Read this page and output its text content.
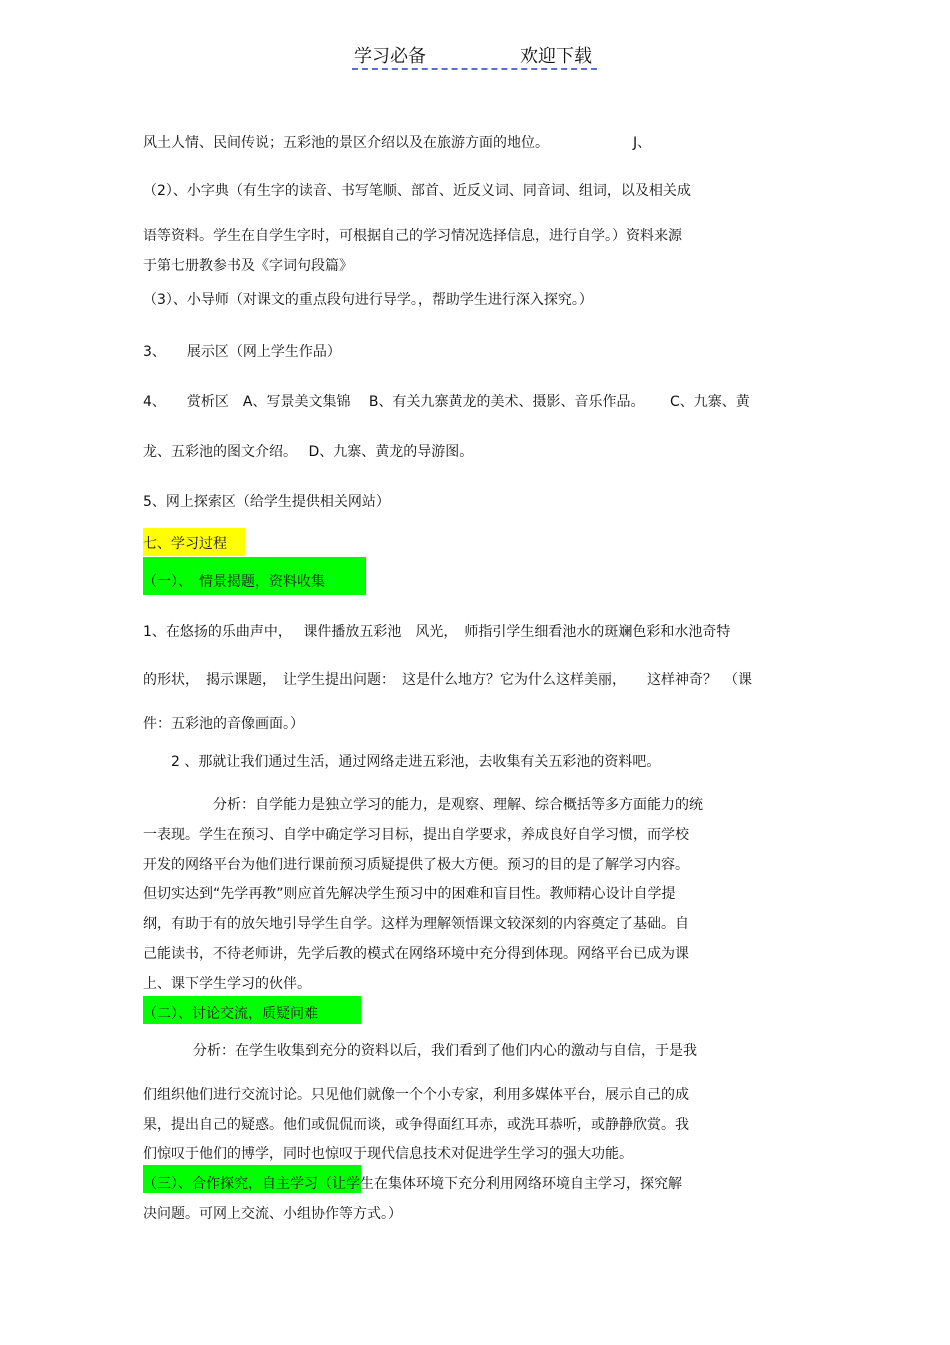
学习必备	欢迎下载
风土人情、民间传说；五彩池的景区介绍以及在旅游方面的地位。	J、
（2）、小字典（有生字的读音、书写笔顺、部首、近反义词、同音词、组词，以及相关成
语等资料。学生在自学生字时，可根据自己的学习情况选择信息，进行自学。）资料来源
于第七册教参书及《字词句段篇》
（3）、小导师（对课文的重点段句进行导学。，帮助学生进行深入探究。）
3、　　展示区（网上学生作品）
4、　　赏析区　A、写景美文集锦　 B、有关九寨黄龙的美术、摄影、音乐作品。　　 C、九寨、黄
龙、五彩池的图文介绍。　 D、九寨、黄龙的导游图。
5、网上探索区（给学生提供相关网站）
七、学习过程
（一）、　情景揭题，资料收集
1、在悠扬的乐曲声中，　 课件播放五彩池　风光，　师指引学生细看池水的斑斓色彩和水池奇特
的形状，　揭示课题，　让学生提出问题：　这是什么地方？它为什么这样美丽，　　这样神奇？　（课
件：五彩池的音像画面。）
2 、那就让我们通过生活，通过网络走进五彩池，去收集有关五彩池的资料吧。
分析：自学能力是独立学习的能力，是观察、理解、综合概括等多方面能力的统
一表现。学生在预习、自学中确定学习目标，提出自学要求，养成良好自学习惯，而学校
开发的网络平台为他们进行课前预习质疑提供了极大方便。预习的目的是了解学习内容。
但切实达到“先学再教”则应首先解决学生预习中的困难和盲目性。教师精心设计自学提
纲，有助于有的放矢地引导学生自学。这样为理解领悟课文较深刻的内容奠定了基础。自
己能读书，不待老师讲，先学后教的模式在网络环境中充分得到体现。网络平台已成为课
上、课下学生学习的伙伴。
（二）、讨论交流，质疑问难
分析：在学生收集到充分的资料以后，我们看到了他们内心的激动与自信，于是我
们组织他们进行交流讨论。只见他们就像一个个小专家，利用多媒体平台，展示自己的成
果，提出自己的疑惑。他们或侃侃而谈，或争得面红耳赤，或洗耳恭听，或静静欣赏。我
们惊叹于他们的博学，同时也惊叹于现代信息技术对促进学生学习的强大功能。
（三）、合作探究，自主学习（让学生在集体环境下充分利用网络环境自主学习，探究解
决问题。可网上交流、小组协作等方式。）
